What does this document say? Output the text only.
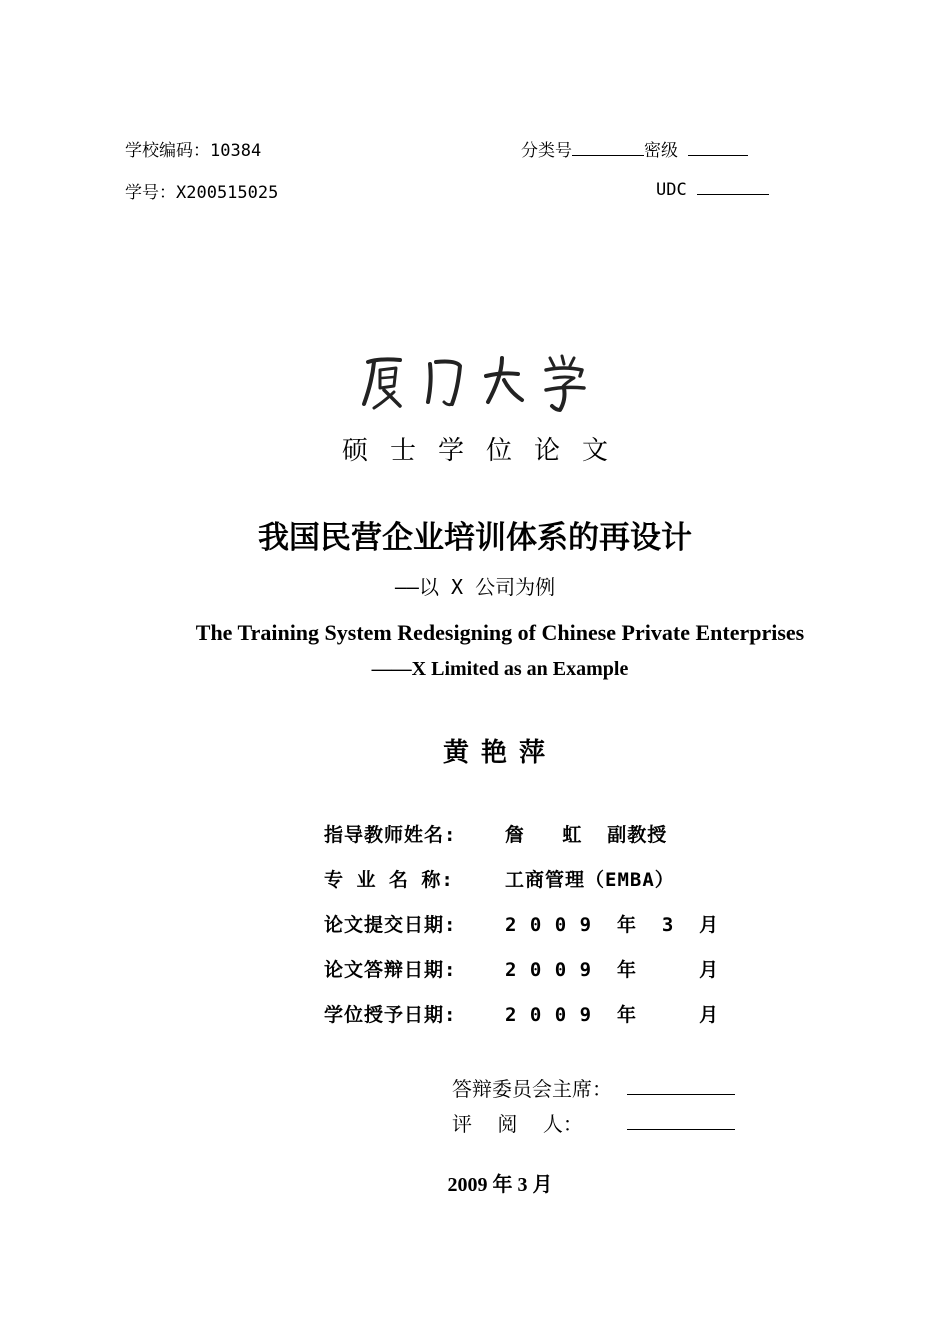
学校编码：10384	分类号	密级
学号：X200515025	UDC
硕士学位论文
我国民营企业培训体系的再设计
——以 X 公司为例
The Training System Redesigning of Chinese Private Enterprises
——X Limited as an Example
黄艳萍
指导教师姓名:	詹   虹  副教授
专 业 名 称:	工商管理（EMBA）
论文提交日期:	2 0 0 9  年  3  月
论文答辩日期:	2 0 0 9  年     月
学位授予日期:	2 0 0 9  年     月
答辩委员会主席：
评    阅    人：
2009 年 3 月
